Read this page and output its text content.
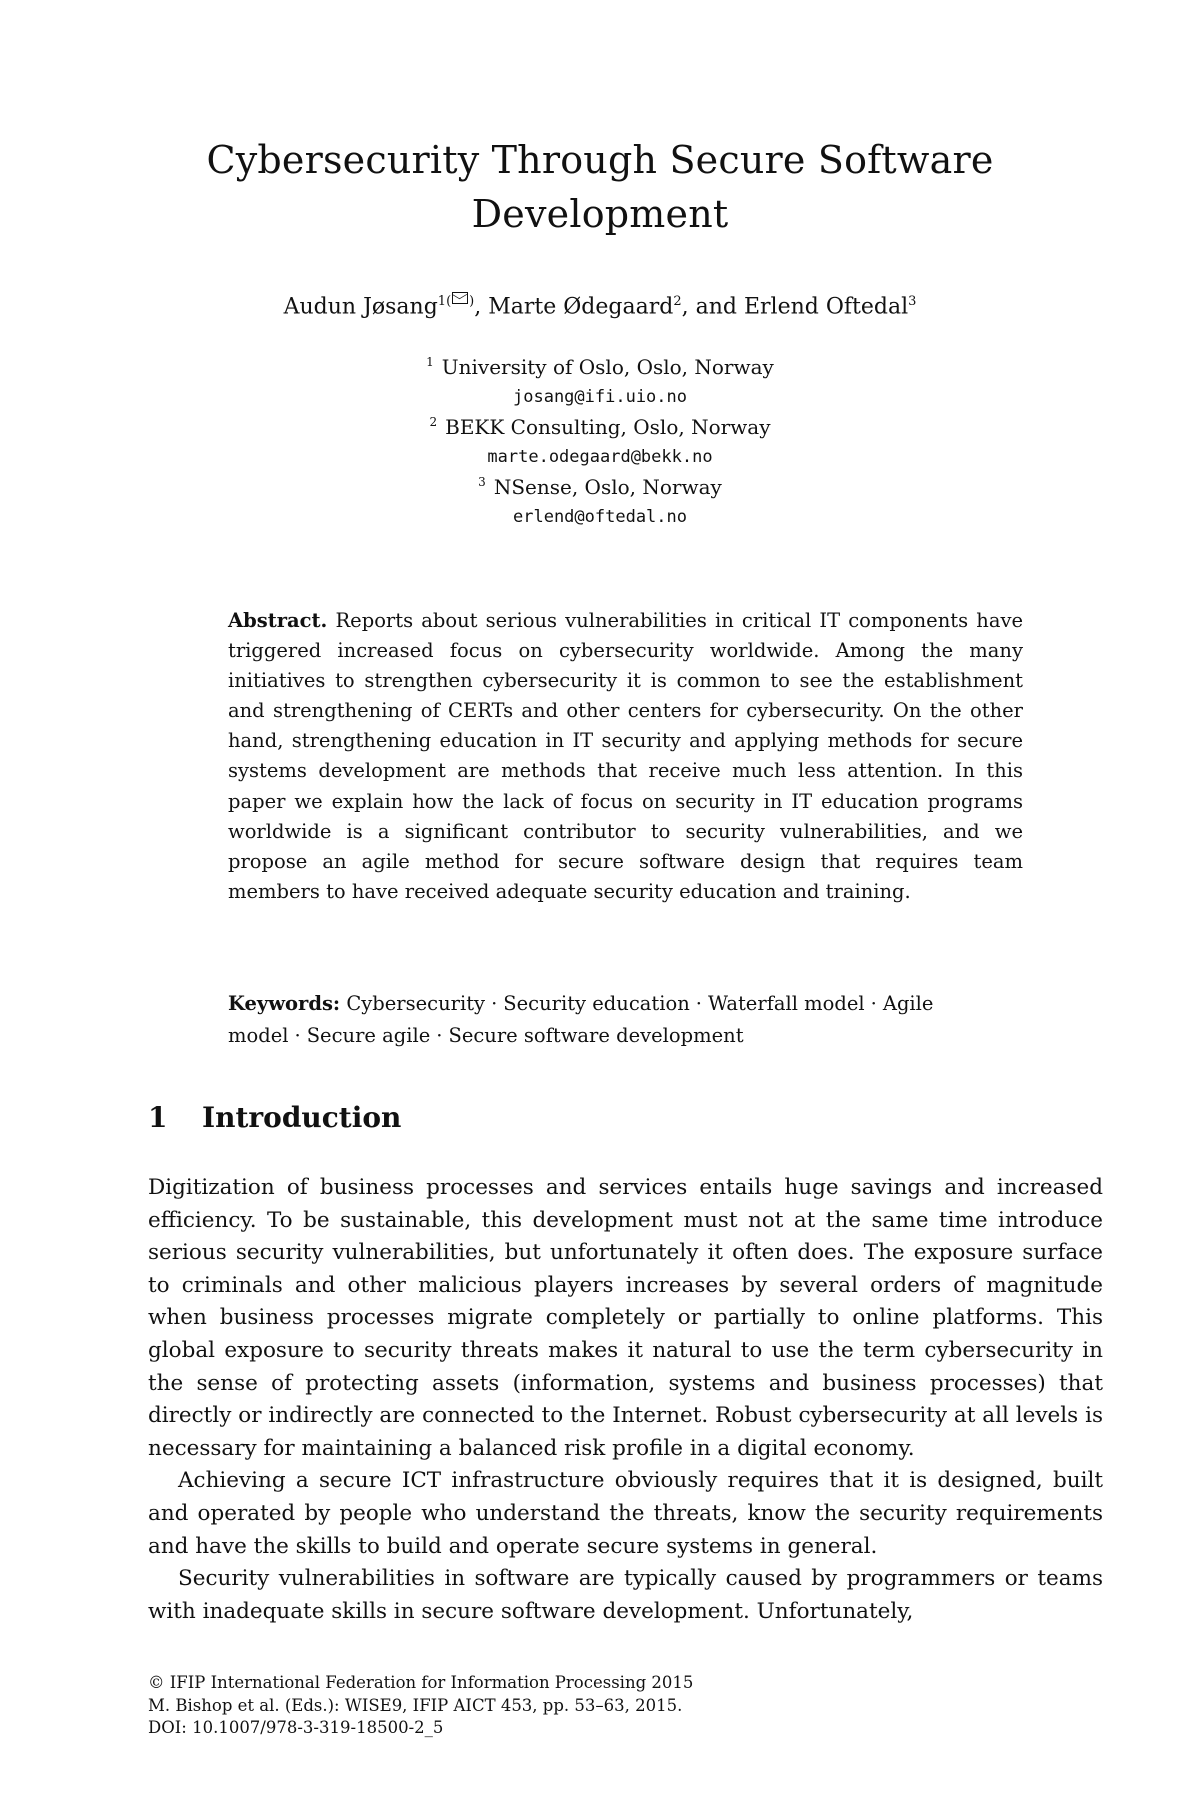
Cybersecurity Through Secure Software Development
Audun Jøsang$^{1( )}$, Marte Ødegaard$^2$, and Erlend Oftedal$^3$
$^1$ University of Oslo, Oslo, Norway
josang@ifi.uio.no
$^2$ BEKK Consulting, Oslo, Norway
marte.odegaard@bekk.no
$^3$ NSense, Oslo, Norway
erlend@oftedal.no

Abstract. Reports about serious vulnerabilities in critical IT components have triggered increased focus on cybersecurity worldwide. Among the many initiatives to strengthen cybersecurity it is common to see the establishment and strengthening of CERTs and other centers for cybersecurity. On the other hand, strengthening education in IT security and applying methods for secure systems development are methods that receive much less attention. In this paper we explain how the lack of focus on security in IT education programs worldwide is a significant contributor to security vulnerabilities, and we propose an agile method for secure software design that requires team members to have received adequate security education and training.

Keywords: Cybersecurity · Security education · Waterfall model · Agile model · Secure agile · Secure software development

1 Introduction

Digitization of business processes and services entails huge savings and increased efficiency. To be sustainable, this development must not at the same time introduce serious security vulnerabilities, but unfortunately it often does. The exposure surface to criminals and other malicious players increases by several orders of magnitude when business processes migrate completely or partially to online platforms. This global exposure to security threats makes it natural to use the term cybersecurity in the sense of protecting assets (information, systems and business processes) that directly or indirectly are connected to the Internet. Robust cybersecurity at all levels is necessary for maintaining a balanced risk profile in a digital economy.

Achieving a secure ICT infrastructure obviously requires that it is designed, built and operated by people who understand the threats, know the security requirements and have the skills to build and operate secure systems in general.

Security vulnerabilities in software are typically caused by programmers or teams with inadequate skills in secure software development. Unfortunately,

© IFIP International Federation for Information Processing 2015
M. Bishop et al. (Eds.): WISE9, IFIP AICT 453, pp. 53–63, 2015.
DOI: 10.1007/978-3-319-18500-2_5
